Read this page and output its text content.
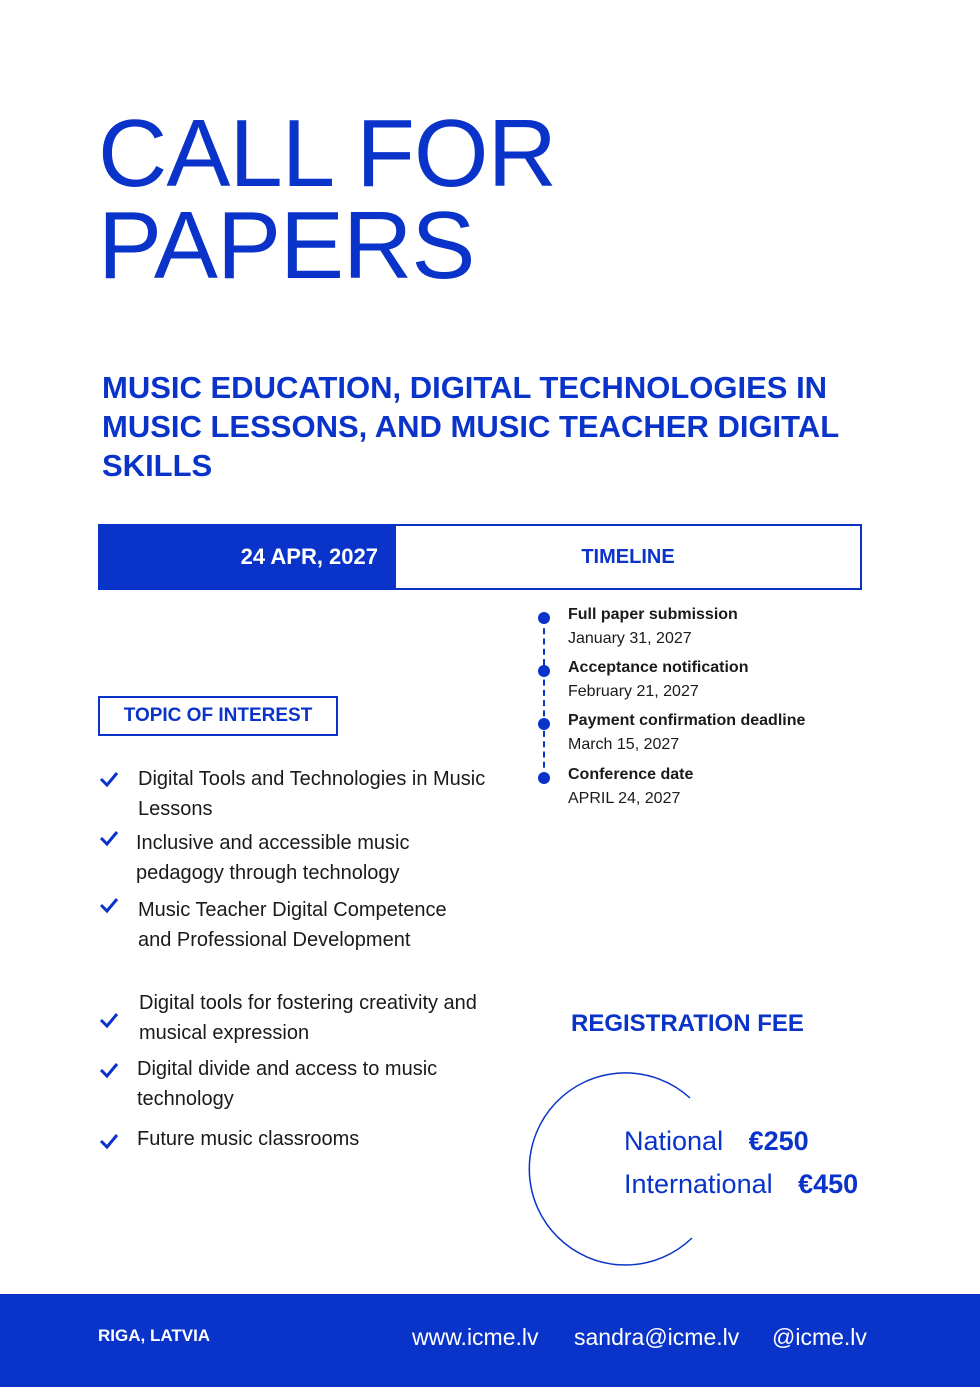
CALL FOR
PAPERS
MUSIC EDUCATION, DIGITAL TECHNOLOGIES IN MUSIC LESSONS, AND MUSIC TEACHER DIGITAL SKILLS
24 APR, 2027	TIMELINE
Full paper submission
January 31, 2027
Acceptance notification
February 21, 2027
Payment confirmation deadline
March 15, 2027
Conference date
APRIL 24, 2027
TOPIC OF INTEREST
Digital Tools and Technologies in Music Lessons
Inclusive and accessible music pedagogy through technology
Music Teacher Digital Competence and Professional Development
Digital tools for fostering creativity and musical expression
Digital divide and access to music technology
Future music classrooms
REGISTRATION FEE
National €250
International €450
RIGA, LATVIA	www.icme.lv sandra@icme.lv @icme.lv
